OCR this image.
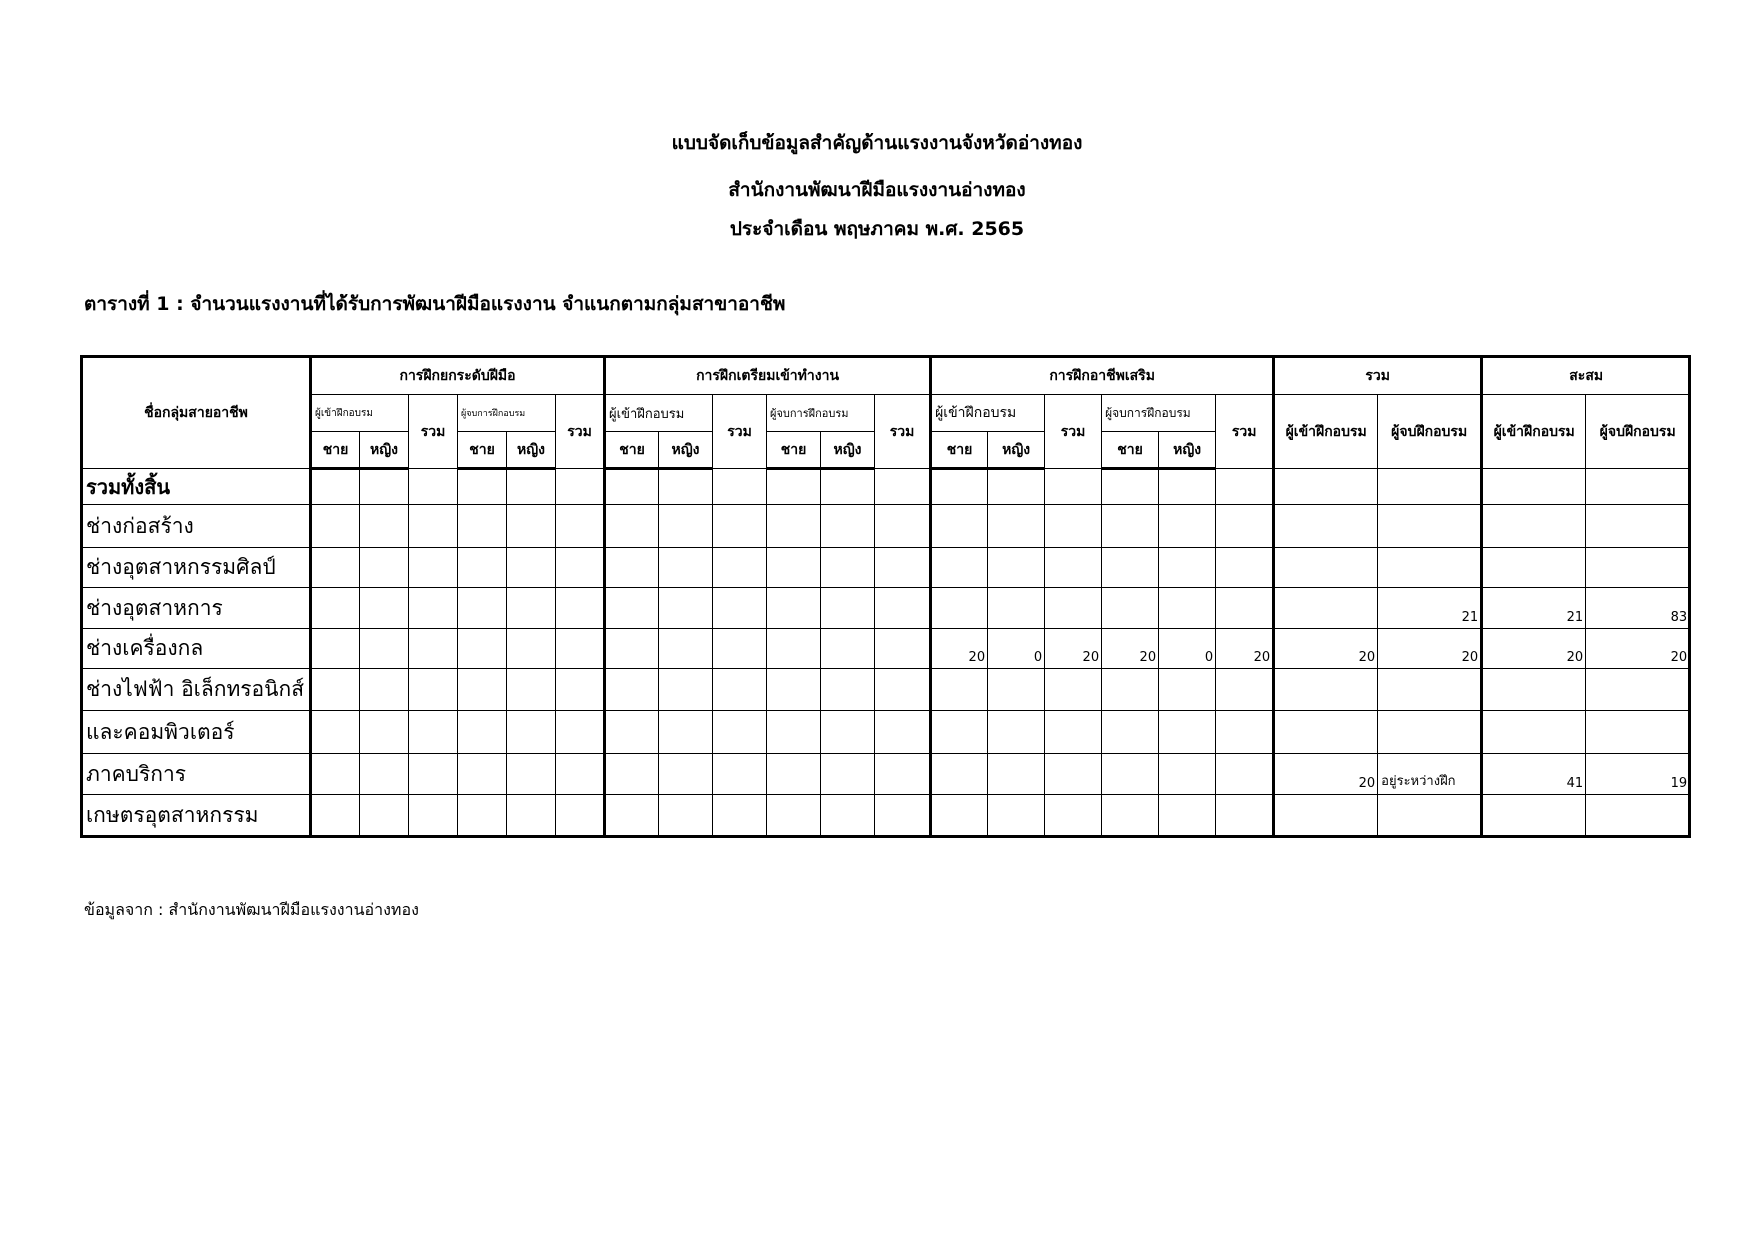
แบบจัดเก็บข้อมูลสำคัญด้านแรงงานจังหวัดอ่างทอง
สำนักงานพัฒนาฝีมือแรงงานอ่างทอง
ประจำเดือน พฤษภาคม พ.ศ. 2565
ตารางที่ 1 : จำนวนแรงงานที่ได้รับการพัฒนาฝีมือแรงงาน จำแนกตามกลุ่มสาขาอาชีพ
ชื่อกลุ่มสายอาชีพ	การฝึกยกระดับฝีมือ						การฝึกเตรียมเข้าทำงาน						การฝึกอาชีพเสริม						รวม		สะสม		
	ผู้เข้าฝึกอบรม		รวม	ผู้จบการฝึกอบรม		รวม	ผู้เข้าฝึกอบรม		รวม	ผู้จบการฝึกอบรม		รวม	ผู้เข้าฝึกอบรม		รวม	ผู้จบการฝึกอบรม		รวม	ผู้เข้าฝึกอบรม	ผู้จบฝึกอบรม	ผู้เข้าฝึกอบรม	ผู้จบฝึกอบรม	
	ชาย	หญิง		ชาย	หญิง		ชาย	หญิง		ชาย	หญิง		ชาย	หญิง		ชาย	หญิง						
รวมทั้งสิ้น																							
ช่างก่อสร้าง																							
ช่างอุตสาหกรรมศิลป์																							
ช่างอุตสาหการ																				21	21	83	
ช่างเครื่องกล													20	0	20	20	0	20	20	20	20	20	
ช่างไฟฟ้า อิเล็กทรอนิกส์																							
และคอมพิวเตอร์																							
ภาคบริการ																			20	อยู่ระหว่างฝึก	41	19	
เกษตรอุตสาหกรรม																							
ข้อมูลจาก : สำนักงานพัฒนาฝีมือแรงงานอ่างทอง
